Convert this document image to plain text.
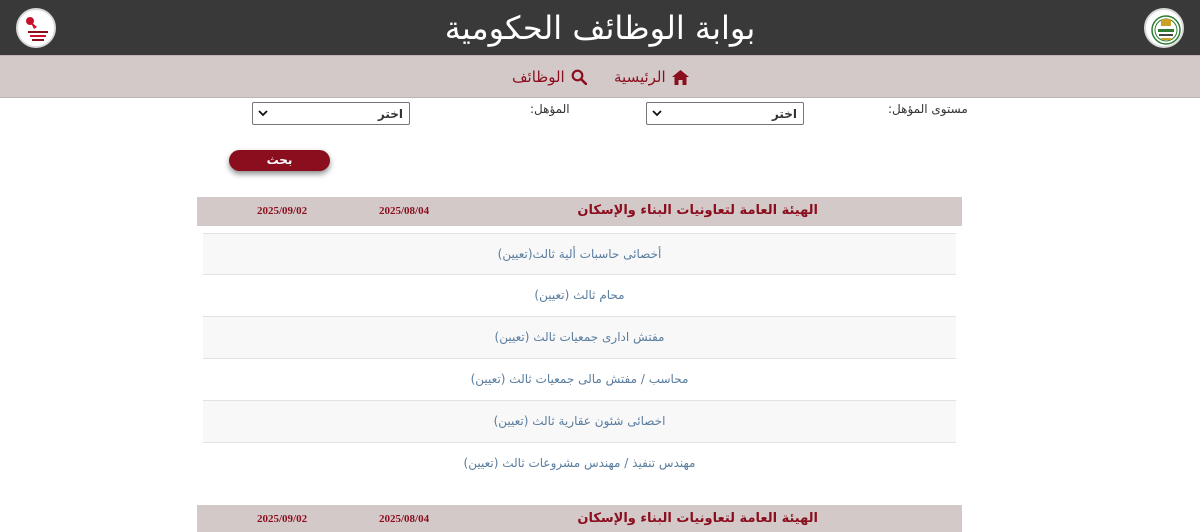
بوابة الوظائف الحكومية
الرئيسية
الوظائف
مستوى المؤهل:
اختر
المؤهل:
اختر
بحث
الهيئة العامة لتعاونيات البناء والإسكان
2025/08/04
2025/09/02
أخصائى حاسبات ألية ثالث(تعيين)
محام ثالث (تعيين)
مفتش ادارى جمعيات ثالث (تعيين)
محاسب / مفتش مالى جمعيات ثالث (تعيين)
اخصائى شئون عقارية ثالث (تعيين)
مهندس تنفيذ / مهندس مشروعات ثالث (تعيين)
الهيئة العامة لتعاونيات البناء والإسكان
2025/08/04
2025/09/02
